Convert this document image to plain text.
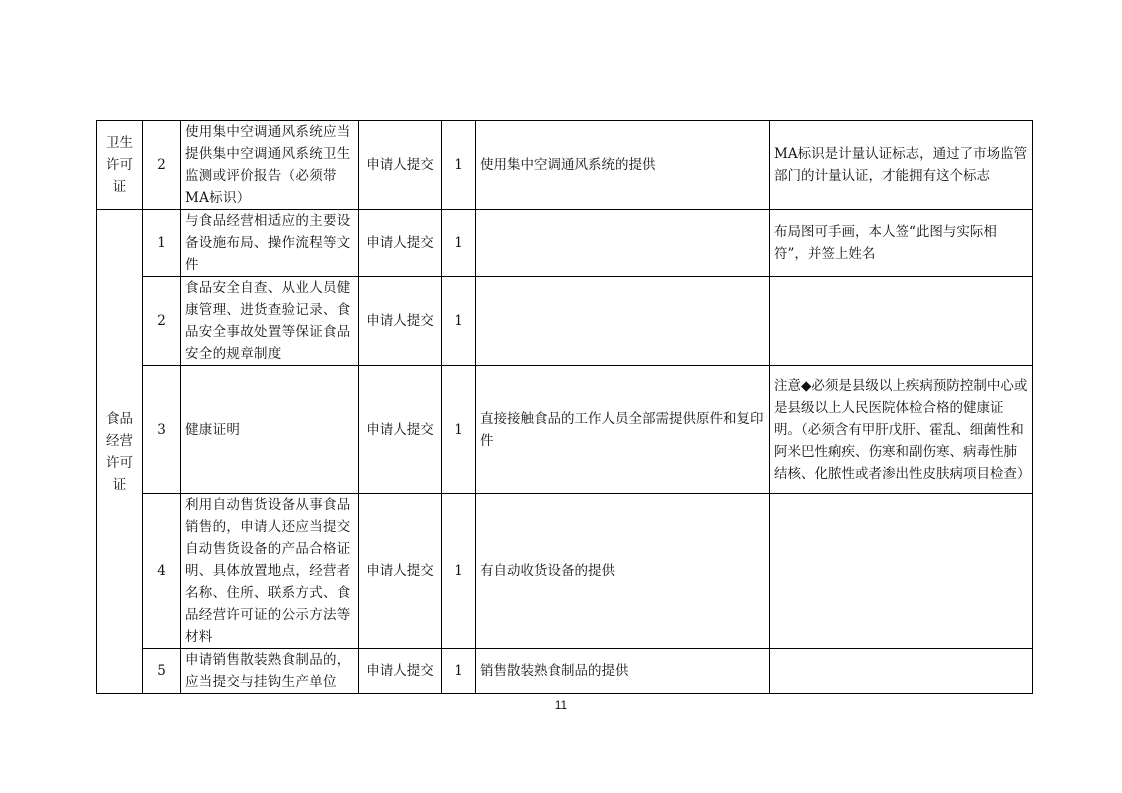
卫生许可证	2	使用集中空调通风系统应当提供集中空调通风系统卫生监测或评价报告（必须带MA标识）	申请人提交	1	使用集中空调通风系统的提供	MA标识是计量认证标志，通过了市场监管部门的计量认证，才能拥有这个标志
食品经营许可证	1	与食品经营相适应的主要设备设施布局、操作流程等文件	申请人提交	1		布局图可手画，本人签“此图与实际相符”，并签上姓名
	2	食品安全自查、从业人员健康管理、进货查验记录、食品安全事故处置等保证食品安全的规章制度	申请人提交	1		
	3	健康证明	申请人提交	1	直接接触食品的工作人员全部需提供原件和复印件	注意◆必须是县级以上疾病预防控制中心或是县级以上人民医院体检合格的健康证明。（必须含有甲肝戊肝、霍乱、细菌性和阿米巴性痢疾、伤寒和副伤寒、病毒性肺结核、化脓性或者渗出性皮肤病项目检查）
	4	利用自动售货设备从事食品销售的，申请人还应当提交自动售货设备的产品合格证明、具体放置地点，经营者名称、住所、联系方式、食品经营许可证的公示方法等材料	申请人提交	1	有自动收货设备的提供	
	5	申请销售散装熟食制品的，应当提交与挂钩生产单位	申请人提交	1	销售散装熟食制品的提供	
11
